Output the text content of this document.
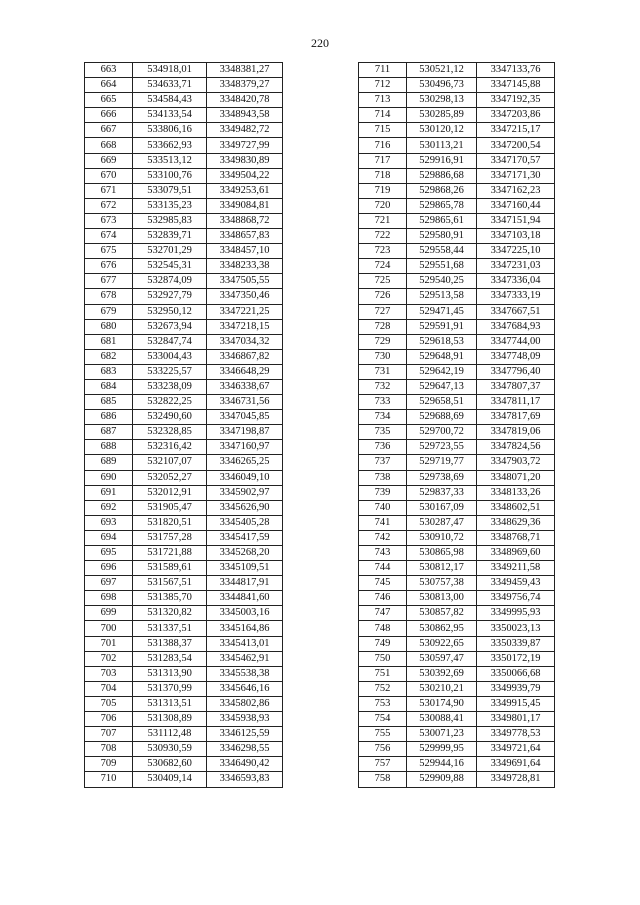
220
663	534918,01	3348381,27
664	534633,71	3348379,27
665	534584,43	3348420,78
666	534133,54	3348943,58
667	533806,16	3349482,72
668	533662,93	3349727,99
669	533513,12	3349830,89
670	533100,76	3349504,22
671	533079,51	3349253,61
672	533135,23	3349084,81
673	532985,83	3348868,72
674	532839,71	3348657,83
675	532701,29	3348457,10
676	532545,31	3348233,38
677	532874,09	3347505,55
678	532927,79	3347350,46
679	532950,12	3347221,25
680	532673,94	3347218,15
681	532847,74	3347034,32
682	533004,43	3346867,82
683	533225,57	3346648,29
684	533238,09	3346338,67
685	532822,25	3346731,56
686	532490,60	3347045,85
687	532328,85	3347198,87
688	532316,42	3347160,97
689	532107,07	3346265,25
690	532052,27	3346049,10
691	532012,91	3345902,97
692	531905,47	3345626,90
693	531820,51	3345405,28
694	531757,28	3345417,59
695	531721,88	3345268,20
696	531589,61	3345109,51
697	531567,51	3344817,91
698	531385,70	3344841,60
699	531320,82	3345003,16
700	531337,51	3345164,86
701	531388,37	3345413,01
702	531283,54	3345462,91
703	531313,90	3345538,38
704	531370,99	3345646,16
705	531313,51	3345802,86
706	531308,89	3345938,93
707	531112,48	3346125,59
708	530930,59	3346298,55
709	530682,60	3346490,42
710	530409,14	3346593,83
711	530521,12	3347133,76
712	530496,73	3347145,88
713	530298,13	3347192,35
714	530285,89	3347203,86
715	530120,12	3347215,17
716	530113,21	3347200,54
717	529916,91	3347170,57
718	529886,68	3347171,30
719	529868,26	3347162,23
720	529865,78	3347160,44
721	529865,61	3347151,94
722	529580,91	3347103,18
723	529558,44	3347225,10
724	529551,68	3347231,03
725	529540,25	3347336,04
726	529513,58	3347333,19
727	529471,45	3347667,51
728	529591,91	3347684,93
729	529618,53	3347744,00
730	529648,91	3347748,09
731	529642,19	3347796,40
732	529647,13	3347807,37
733	529658,51	3347811,17
734	529688,69	3347817,69
735	529700,72	3347819,06
736	529723,55	3347824,56
737	529719,77	3347903,72
738	529738,69	3348071,20
739	529837,33	3348133,26
740	530167,09	3348602,51
741	530287,47	3348629,36
742	530910,72	3348768,71
743	530865,98	3348969,60
744	530812,17	3349211,58
745	530757,38	3349459,43
746	530813,00	3349756,74
747	530857,82	3349995,93
748	530862,95	3350023,13
749	530922,65	3350339,87
750	530597,47	3350172,19
751	530392,69	3350066,68
752	530210,21	3349939,79
753	530174,90	3349915,45
754	530088,41	3349801,17
755	530071,23	3349778,53
756	529999,95	3349721,64
757	529944,16	3349691,64
758	529909,88	3349728,81
